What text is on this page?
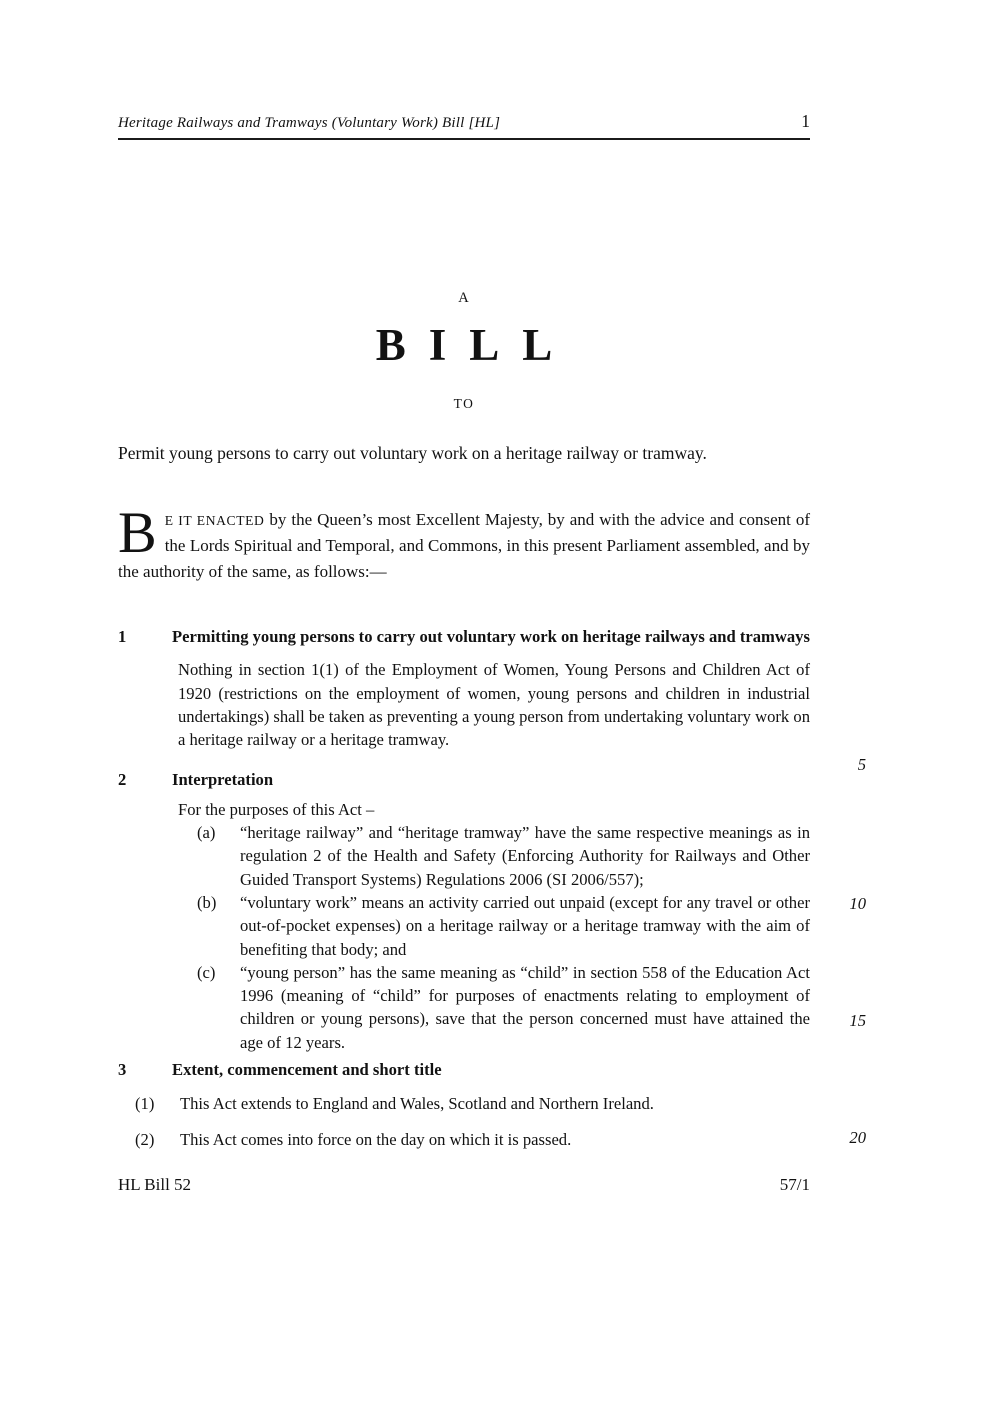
Heritage Railways and Tramways (Voluntary Work) Bill [HL]	1
A
BILL
TO

Permit young persons to carry out voluntary work on a heritage railway or tramway.

B E IT ENACTED by the Queen’s most Excellent Majesty, by and with the advice and consent of the Lords Spiritual and Temporal, and Commons, in this present Parliament assembled, and by the authority of the same, as follows:—

1	Permitting young persons to carry out voluntary work on heritage railways and tramways

Nothing in section 1(1) of the Employment of Women, Young Persons and Children Act of 1920 (restrictions on the employment of women, young persons and children in industrial undertakings) shall be taken as preventing a young person from undertaking voluntary work on a heritage railway or a heritage tramway.

2	Interpretation
For the purposes of this Act –
(a)	“heritage railway” and “heritage tramway” have the same respective meanings as in regulation 2 of the Health and Safety (Enforcing Authority for Railways and Other Guided Transport Systems) Regulations 2006 (SI 2006/557);
(b)	“voluntary work” means an activity carried out unpaid (except for any travel or other out-of-pocket expenses) on a heritage railway or a heritage tramway with the aim of benefiting that body; and
(c)	“young person” has the same meaning as “child” in section 558 of the Education Act 1996 (meaning of “child” for purposes of enactments relating to employment of children or young persons), save that the person concerned must have attained the age of 12 years.
3	Extent, commencement and short title
(1)	This Act extends to England and Wales, Scotland and Northern Ireland.
(2)	This Act comes into force on the day on which it is passed.
HL Bill 52	57/1
5
10
15
20
